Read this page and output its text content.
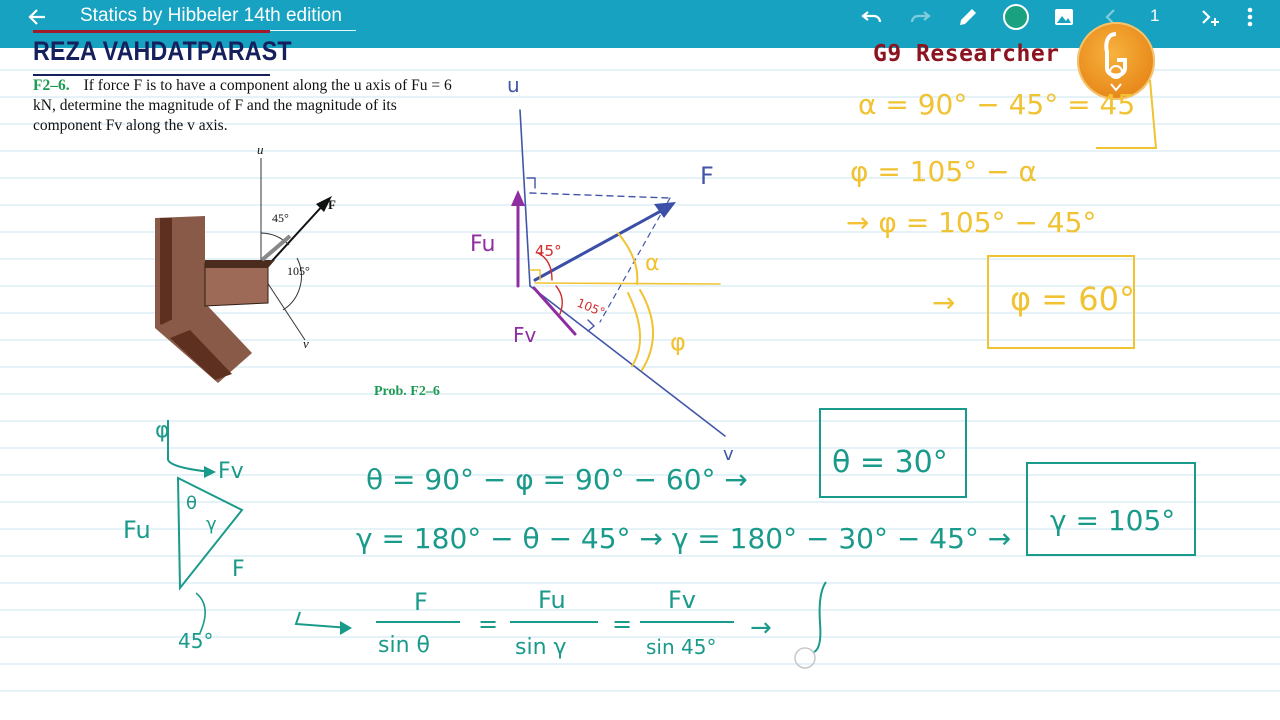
Statics by Hibbeler 14th edition	1
REZA VAHDATPARAST	G9 Researcher
F2–6. If force F is to have a component along the u axis of Fu = 6 kN, determine the magnitude of F and the magnitude of its component Fv along the v axis.
u
v
F
45°
105°
Prob. F2–6
u
F
v
Fu
Fv
45°
105°
α
φ
α = 90° − 45° = 45
φ = 105° − α
→ φ = 105° − 45°
→ φ = 60°
θ = 90° − φ = 90° − 60° →	θ = 30°
γ = 180° − θ − 45° → γ = 180° − 30° − 45° →
γ = 105°
F
sin θ
=
Fu
sin γ
=
Fv
sin 45°
→
φ
Fv
θ
γ
Fu
F
45°
